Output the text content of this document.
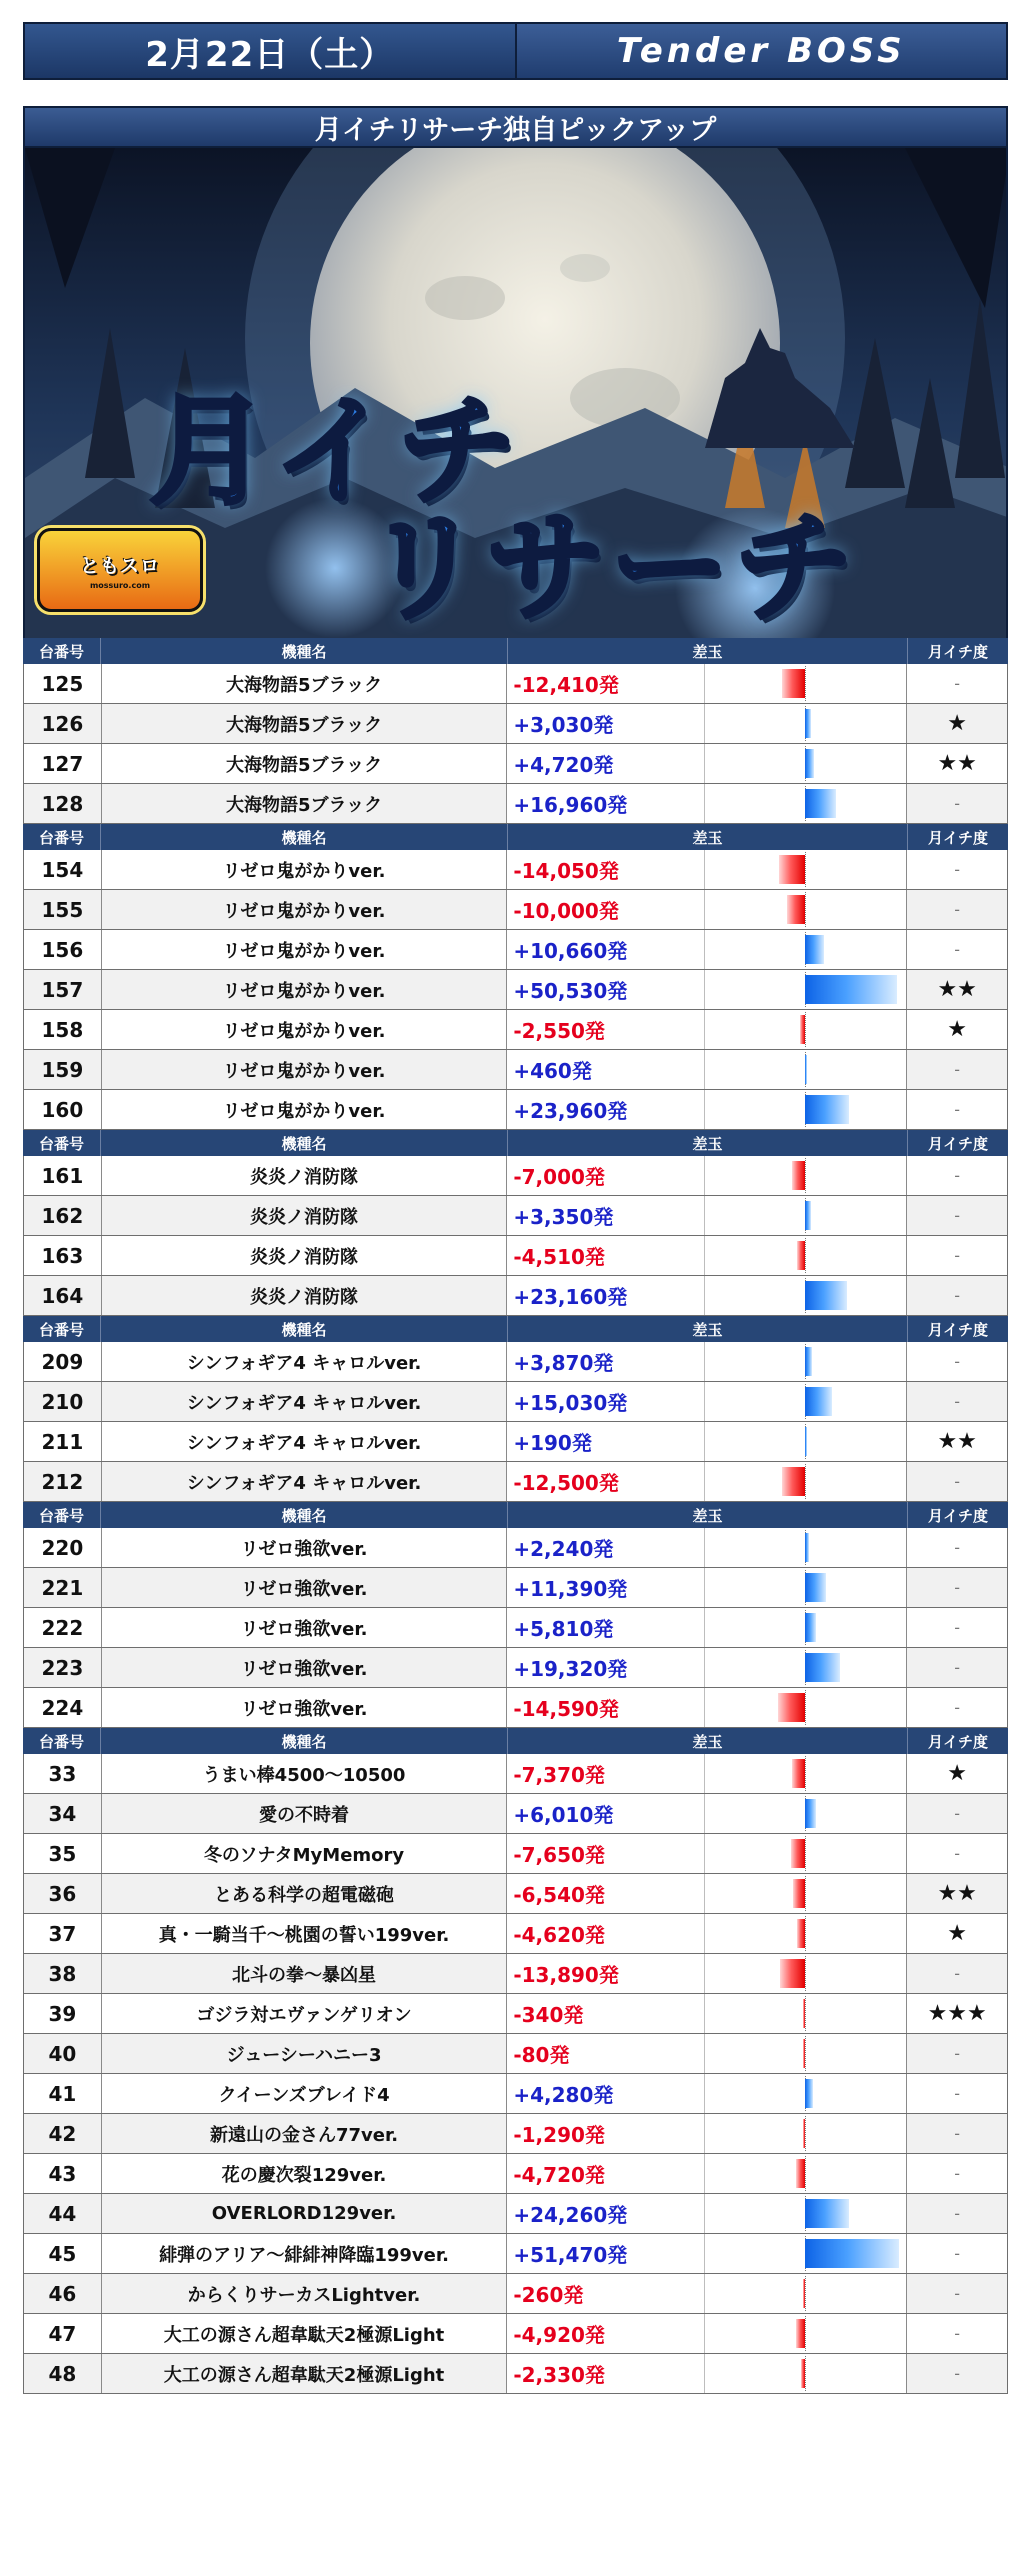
2月22日（土）	Tender BOSS
月イチリサーチ独自ピックアップ
月イチ
リサーチ
ともスロ
mossuro.com
台番号	機種名	差玉	月イチ度
125	大海物語5ブラック	-12,410発	-
126	大海物語5ブラック	+3,030発	★
127	大海物語5ブラック	+4,720発	★★
128	大海物語5ブラック	+16,960発	-
台番号	機種名	差玉	月イチ度
154	リゼロ鬼がかりver.	-14,050発	-
155	リゼロ鬼がかりver.	-10,000発	-
156	リゼロ鬼がかりver.	+10,660発	-
157	リゼロ鬼がかりver.	+50,530発	★★
158	リゼロ鬼がかりver.	-2,550発	★
159	リゼロ鬼がかりver.	+460発	-
160	リゼロ鬼がかりver.	+23,960発	-
台番号	機種名	差玉	月イチ度
161	炎炎ノ消防隊	-7,000発	-
162	炎炎ノ消防隊	+3,350発	-
163	炎炎ノ消防隊	-4,510発	-
164	炎炎ノ消防隊	+23,160発	-
台番号	機種名	差玉	月イチ度
209	シンフォギア4 キャロルver.	+3,870発	-
210	シンフォギア4 キャロルver.	+15,030発	-
211	シンフォギア4 キャロルver.	+190発	★★
212	シンフォギア4 キャロルver.	-12,500発	-
台番号	機種名	差玉	月イチ度
220	リゼロ強欲ver.	+2,240発	-
221	リゼロ強欲ver.	+11,390発	-
222	リゼロ強欲ver.	+5,810発	-
223	リゼロ強欲ver.	+19,320発	-
224	リゼロ強欲ver.	-14,590発	-
台番号	機種名	差玉	月イチ度
33	うまい棒4500～10500	-7,370発	★
34	愛の不時着	+6,010発	-
35	冬のソナタMyMemory	-7,650発	-
36	とある科学の超電磁砲	-6,540発	★★
37	真・一騎当千～桃園の誓い199ver.	-4,620発	★
38	北斗の拳～暴凶星	-13,890発	-
39	ゴジラ対エヴァンゲリオン	-340発	★★★
40	ジューシーハニー3	-80発	-
41	クイーンズブレイド4	+4,280発	-
42	新遠山の金さん77ver.	-1,290発	-
43	花の慶次裂129ver.	-4,720発	-
44	OVERLORD129ver.	+24,260発	-
45	緋弾のアリア～緋緋神降臨199ver.	+51,470発	-
46	からくりサーカスLightver.	-260発	-
47	大工の源さん超韋駄天2極源Light	-4,920発	-
48	大工の源さん超韋駄天2極源Light	-2,330発	-
